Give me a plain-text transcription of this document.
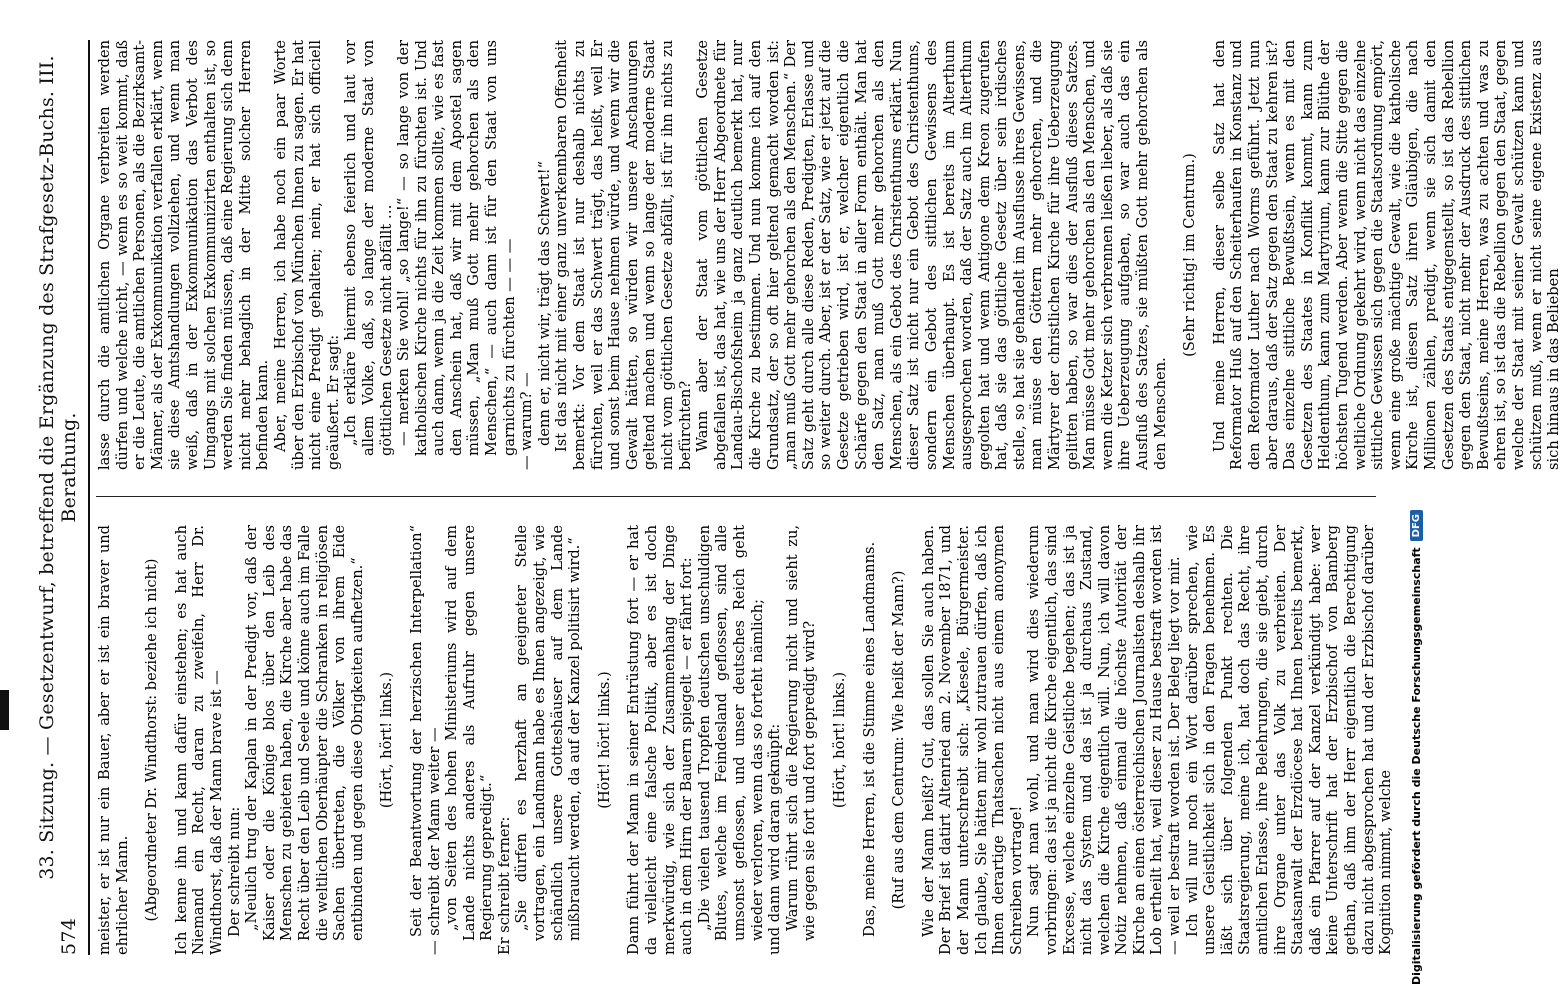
574
33. Sitzung. — Gesetzentwurf, betreffend die Ergänzung des Strafgesetz-Buchs. III. Berathung.

meister, er ist nur ein Bauer, aber er ist ein braver und ehrlicher Mann. (Abgeordneter Dr. Windthorst: beziehe ich nicht) Ich kenne ihn und kann dafür einstehen; es hat auch Niemand ein Recht, daran zu zweifeln, Herr Dr. Windthorst, daß der Mann brave ist — Der schreibt nun: „Neulich trug der Kaplan in der Predigt vor, daß der Kaiser oder die Könige blos über den Leib des Menschen zu gebieten haben, die Kirche aber habe das Recht über den Leib und Seele und könne auch im Falle die weltlichen Oberhäupter die Schranken in religiösen Sachen übertreten, die Völker von ihrem Eide entbinden und gegen diese Obrigkeiten aufhetzen.“ (Hört, hört! links.) Seit der Beantwortung der herzischen Interpellation“ — schreibt der Mann weiter — „von Seiten des hohen Ministeriums wird auf dem Lande nichts anderes als Aufruhr gegen unsere Regierung gepredigt.“ Er schreibt ferner: „Sie dürfen es herzhaft an geeigneter Stelle vortragen, ein Landmann habe es Ihnen angezeigt, wie schändlich unsere Gotteshäuser auf dem Lande mißbraucht werden, da auf der Kanzel politisirt wird.“ (Hört! hört! links.) Dann führt der Mann in seiner Entrüstung fort — er hat da vielleicht eine falsche Politik, aber es ist doch merkwürdig, wie sich der Zusammenhang der Dinge auch in dem Hirn der Bauern spiegelt — er fährt fort: „Die vielen tausend Tropfen deutschen unschuldigen Blutes, welche im Feindesland geflossen, sind alle umsonst geflossen, und unser deutsches Reich geht wieder verloren, wenn das so forteht nämlich; und dann wird daran geknüpft: Warum rührt sich die Regierung nicht und sieht zu, wie gegen sie fort und fort gepredigt wird? (Hört, hört! links.) Das, meine Herren, ist die Stimme eines Landmanns. (Ruf aus dem Centrum: Wie heißt der Mann?) Wie der Mann heißt? Gut, das sollen Sie auch haben. Der Brief ist datirt Altenried am 2. November 1871, und der Mann unterschreibt sich: „Kiesele, Bürgermeister. Ich glaube, Sie hätten mir wohl zutrauen dürfen, daß ich Ihnen derartige Thatsachen nicht aus einem anonymen Schreiben vortrage! Nun sagt man wohl, und man wird dies wiederum vorbringen: das ist ja nicht die Kirche eigentlich, das sind Excesse, welche einzelne Geistliche begehen; das ist ja nicht das System und das ist ja durchaus Zustand, welchen die Kirche eigentlich will. Nun, ich will davon Notiz nehmen, daß einmal die höchste Autorität der Kirche an einen österreichischen Journalisten deshalb ihr Lob ertheilt hat, weil dieser zu Hause bestraft worden ist — weil er bestraft worden ist. Der Beleg liegt vor mir. Ich will nur noch ein Wort darüber sprechen, wie unsere Geistlichkeit sich in den Fragen benehmen. Es läßt sich über folgenden Punkt rechten. Die Staatsregierung, meine ich, hat doch das Recht, ihre amtlichen Erlasse, ihre Belehrungen, die sie giebt, durch ihre Organe unter das Volk zu verbreiten. Der Staatsanwalt der Erzdiöcese hat Ihnen bereits bemerkt, daß ein Pfarrer auf der Kanzel verkündigt habe: wer keine Unterschrift hat der Erzbischof von Bamberg gethan, daß ihm der Herr eigentlich die Berechtigung dazu nicht abgesprochen hat und der Erzbischof darüber Kognition nimmt, welche

lasse durch die amtlichen Organe verbreiten werden dürfen und welche nicht, — wenn es so weit kommt, daß er die Leute, die amtlichen Personen, als die Bezirksamt-Männer, als der Exkommunikation verfallen erklärt, wenn sie diese Amtshandlungen vollziehen, und wenn man weiß, daß in der Exkommunikation das Verbot des Umgangs mit solchen Exkommunizirten enthalten ist, so werden Sie finden müssen, daß eine Regierung sich denn nicht mehr behaglich in der Mitte solcher Herren befinden kann. Aber, meine Herren, ich habe noch ein paar Worte über den Erzbischof von München Ihnen zu sagen. Er hat nicht eine Predigt gehalten; nein, er hat sich officiell geäußert. Er sagt: „Ich erkläre hiermit ebenso feierlich und laut vor allem Volke, daß, so lange der moderne Staat von göttlichen Gesetze nicht abfällt … — merken Sie wohl! „so lange!“ — so lange von der katholischen Kirche nichts für ihn zu fürchten ist. Und auch dann, wenn ja die Zeit kommen sollte, wie es fast den Anschein hat, daß wir mit dem Apostel sagen müssen, „Man muß Gott mehr gehorchen als den Menschen,“ — auch dann ist für den Staat von uns garnichts zu fürchten — — — — warum? — denn er, nicht wir, trägt das Schwert!“ Ist das nicht mit einer ganz unverkennbaren Offenheit bemerkt: Vor dem Staat ist nur deshalb nichts zu fürchten, weil er das Schwert trägt, das heißt, weil Er und sonst beim Hause nehmen würde, und wenn wir die Gewalt hätten, so würden wir unsere Anschauungen geltend machen und wenn so lange der moderne Staat nicht vom göttlichen Gesetze abfällt, ist für ihn nichts zu befürchten? Wann aber der Staat vom göttlichen Gesetze abgefallen ist, das hat, wie uns der Herr Abgeordnete für Landau-Bischofsheim ja ganz deutlich bemerkt hat, nur die Kirche zu bestimmen. Und nun komme ich auf den Grundsatz, der so oft hier geltend gemacht worden ist: „man muß Gott mehr gehorchen als den Menschen.“ Der Satz geht durch alle diese Reden, Predigten, Erlasse und so weiter durch. Aber, ist er der Satz, wie er jetzt auf die Gesetze getrieben wird, ist er, welcher eigentlich die Schärfe gegen den Staat in aller Form enthält. Man hat den Satz, man muß Gott mehr gehorchen als den Menschen, als ein Gebot des Christenthums erklärt. Nun dieser Satz ist nicht nur ein Gebot des Christenthums, sondern ein Gebot des sittlichen Gewissens des Menschen überhaupt. Es ist bereits im Alterthum ausgesprochen worden, daß der Satz auch im Alterthum gegolten hat und wenn Antigone dem Kreon zugerufen hat, daß sie das göttliche Gesetz über sein irdisches stelle, so hat sie gehandelt im Ausflusse ihres Gewissens, man müsse den Göttern mehr gehorchen, und die Märtyrer der christlichen Kirche für ihre Ueberzeugung gelitten haben, so war dies der Ausfluß dieses Satzes. Man müsse Gott mehr gehorchen als den Menschen, und wenn die Ketzer sich verbrennen ließen lieber, als daß sie ihre Ueberzeugung aufgaben, so war auch das ein Ausfluß des Satzes, sie müßten Gott mehr gehorchen als den Menschen.

(Sehr richtig! im Centrum.) Und meine Herren, dieser selbe Satz hat den Reformator Huß auf den Scheiterhaufen in Konstanz und den Reformator Luther nach Worms geführt. Jetzt nun aber daraus, daß der Satz gegen den Staat zu kehren ist? Das einzelne sittliche Bewußtsein, wenn es mit den Gesetzen des Staates in Konflikt kommt, kann zum Heldenthum, kann zum Martyrium, kann zur Blüthe der höchsten Tugend werden. Aber wenn die Sitte gegen die weltliche Ordnung gekehrt wird, wenn nicht das einzelne sittliche Gewissen sich gegen die Staatsordnung empört, wenn eine große mächtige Gewalt, wie die katholische Kirche ist, diesen Satz ihren Gläubigen, die nach Millionen zählen, predigt, wenn sie sich damit den Gesetzen des Staats entgegenstellt, so ist das Rebellion gegen den Staat, nicht mehr der Ausdruck des sittlichen Bewußtseins, meine Herren, was zu achten und was zu ehren ist, so ist das die Rebellion gegen den Staat, gegen welche der Staat mit seiner Gewalt schützen kann und schützen muß, wenn er nicht seine eigene Existenz aus sich hinaus in das Belieben

Digitalisierung gefördert durch die Deutsche Forschungsgemeinschaft
DFG
